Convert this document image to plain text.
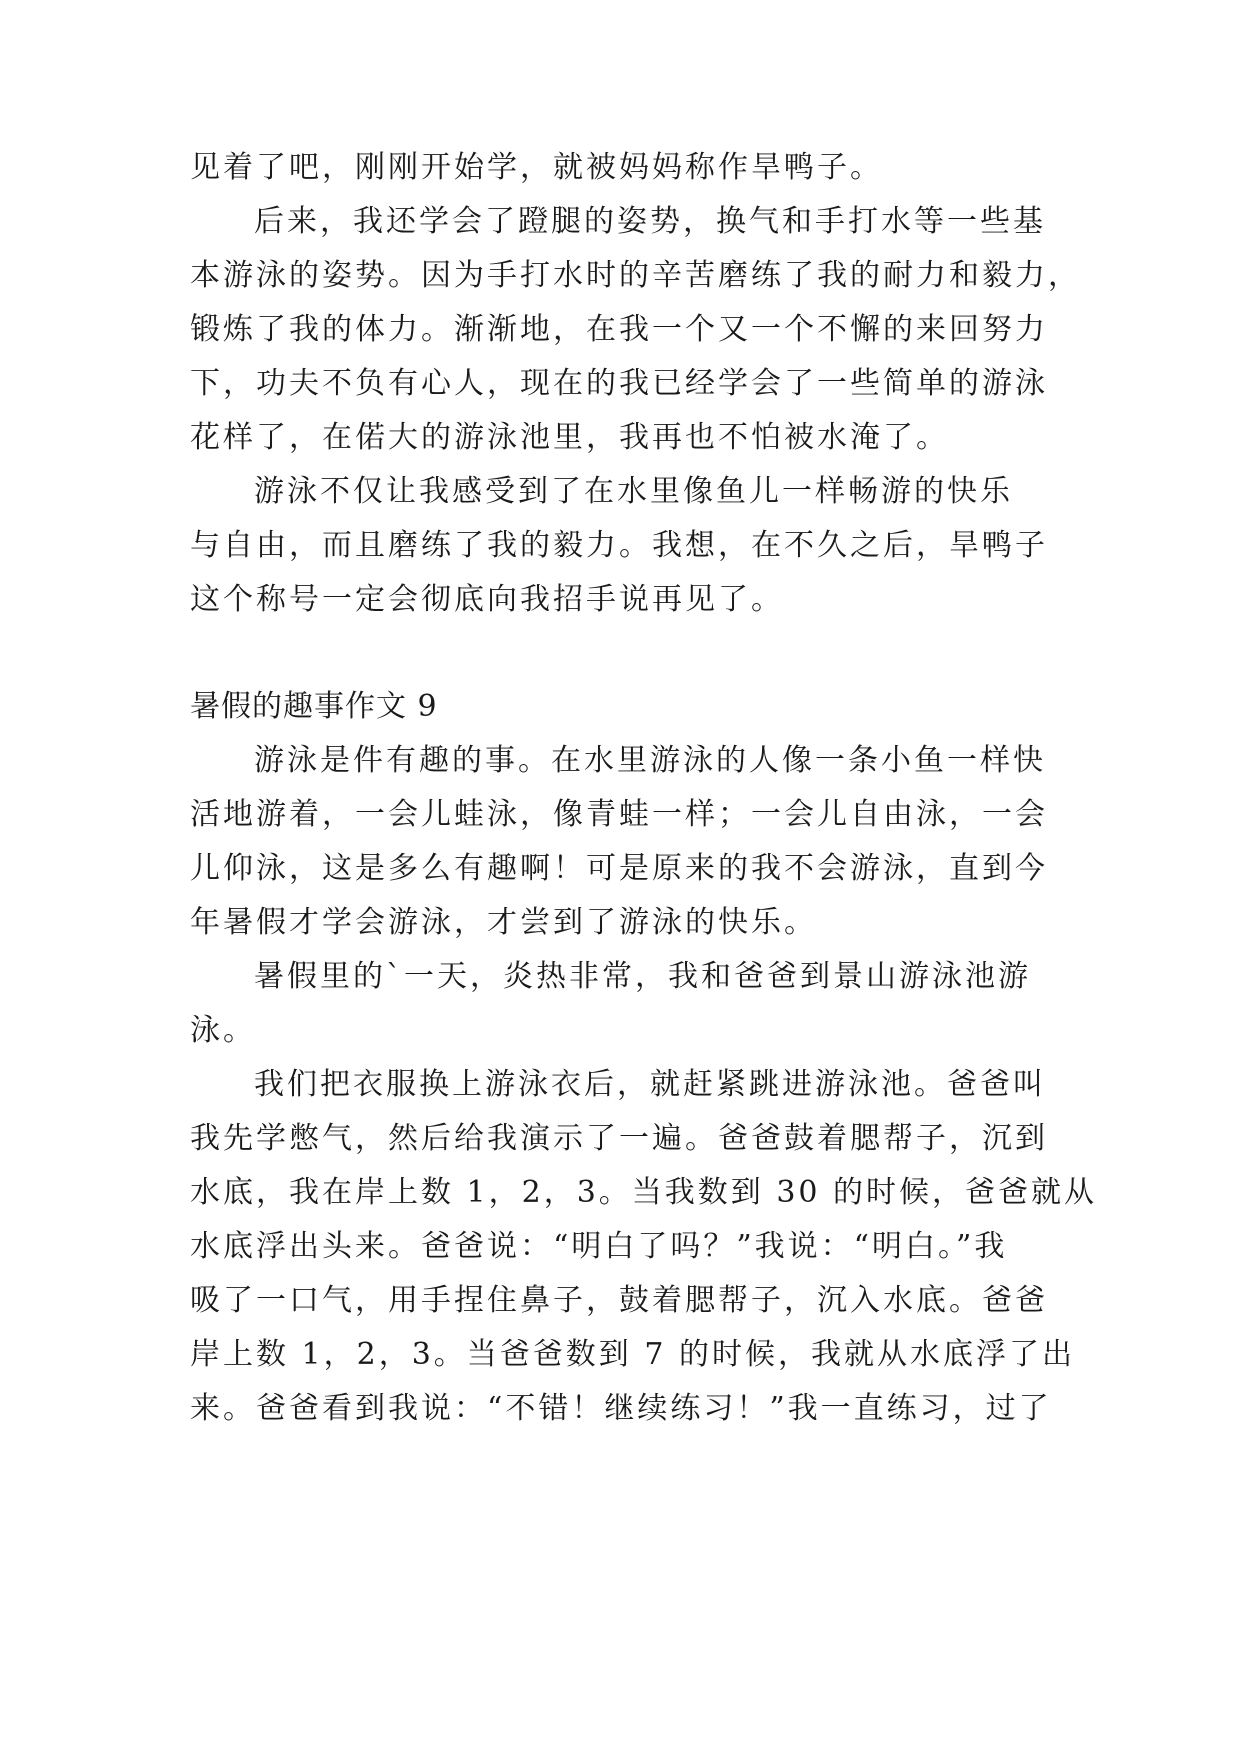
见着了吧，刚刚开始学，就被妈妈称作旱鸭子。
后来，我还学会了蹬腿的姿势，换气和手打水等一些基
本游泳的姿势。因为手打水时的辛苦磨练了我的耐力和毅力，
锻炼了我的体力。渐渐地，在我一个又一个不懈的来回努力
下，功夫不负有心人，现在的我已经学会了一些简单的游泳
花样了，在偌大的游泳池里，我再也不怕被水淹了。
游泳不仅让我感受到了在水里像鱼儿一样畅游的快乐
与自由，而且磨练了我的毅力。我想，在不久之后，旱鸭子
这个称号一定会彻底向我招手说再见了。
暑假的趣事作文 9
游泳是件有趣的事。在水里游泳的人像一条小鱼一样快
活地游着，一会儿蛙泳，像青蛙一样；一会儿自由泳，一会
儿仰泳，这是多么有趣啊！可是原来的我不会游泳，直到今
年暑假才学会游泳，才尝到了游泳的快乐。
暑假里的`一天，炎热非常，我和爸爸到景山游泳池游
泳。
我们把衣服换上游泳衣后，就赶紧跳进游泳池。爸爸叫
我先学憋气，然后给我演示了一遍。爸爸鼓着腮帮子，沉到
水底，我在岸上数 1，2，3。当我数到 30 的时候，爸爸就从
水底浮出头来。爸爸说：“明白了吗？”我说：“明白。”我
吸了一口气，用手捏住鼻子，鼓着腮帮子，沉入水底。爸爸
岸上数 1，2，3。当爸爸数到 7 的时候，我就从水底浮了出
来。爸爸看到我说：“不错！继续练习！”我一直练习，过了
